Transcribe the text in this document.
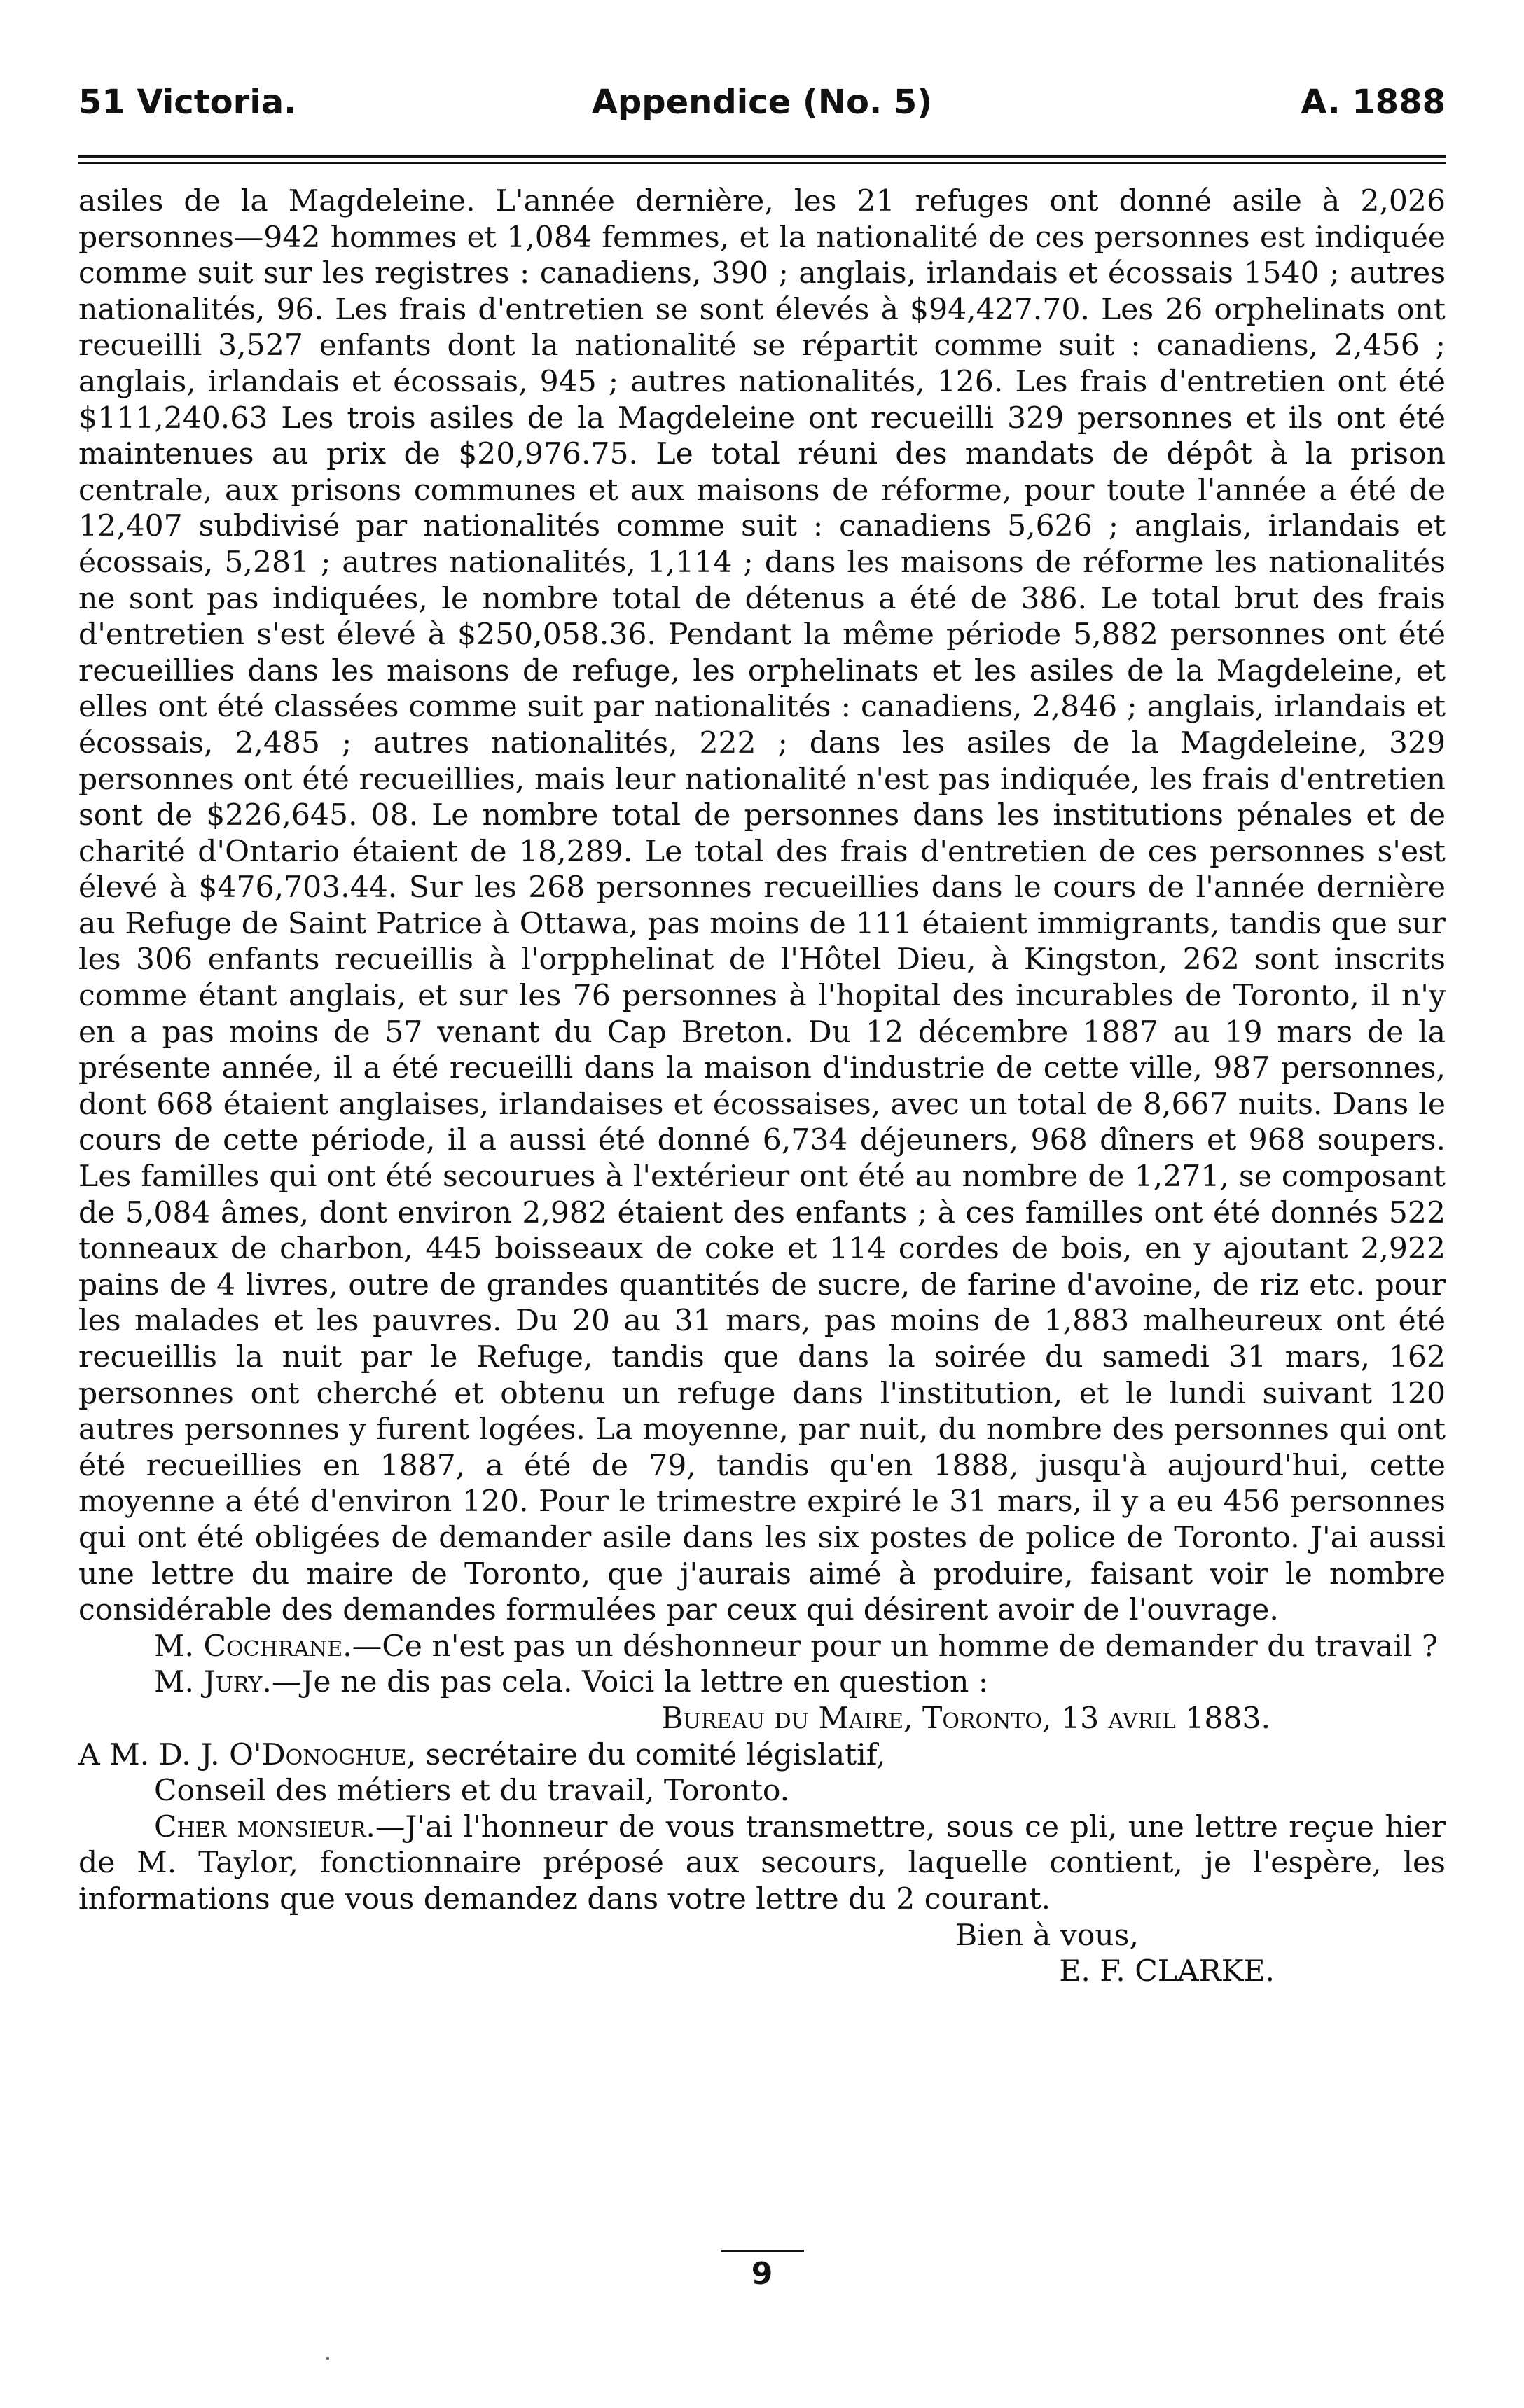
51 Victoria.	Appendice (No. 5)	A. 1888

asiles de la Magdeleine. L'année dernière, les 21 refuges ont donné asile à 2,026 personnes—942 hommes et 1,084 femmes, et la nationalité de ces personnes est indiquée comme suit sur les registres : canadiens, 390 ; anglais, irlandais et écossais 1540 ; autres nationalités, 96. Les frais d'entretien se sont élevés à $94,427.70. Les 26 orphelinats ont recueilli 3,527 enfants dont la nationalité se répartit comme suit : canadiens, 2,456 ; anglais, irlandais et écossais, 945 ; autres nationalités, 126. Les frais d'entretien ont été $111,240.63 Les trois asiles de la Magdeleine ont recueilli 329 personnes et ils ont été maintenues au prix de $20,976.75. Le total réuni des mandats de dépôt à la prison centrale, aux prisons communes et aux maisons de réforme, pour toute l'année a été de 12,407 subdivisé par nationalités comme suit : canadiens 5,626 ; anglais, irlandais et écossais, 5,281 ; autres nationalités, 1,114 ; dans les maisons de réforme les nationalités ne sont pas indiquées, le nombre total de détenus a été de 386. Le total brut des frais d'entretien s'est élevé à $250,058.36. Pendant la même période 5,882 personnes ont été recueillies dans les maisons de refuge, les orphelinats et les asiles de la Magdeleine, et elles ont été classées comme suit par nationalités : canadiens, 2,846 ; anglais, irlandais et écossais, 2,485 ; autres nationalités, 222 ; dans les asiles de la Magdeleine, 329 personnes ont été recueillies, mais leur nationalité n'est pas indiquée, les frais d'entretien sont de $226,645. 08. Le nombre total de personnes dans les institutions pénales et de charité d'Ontario étaient de 18,289. Le total des frais d'entretien de ces personnes s'est élevé à $476,703.44. Sur les 268 personnes recueillies dans le cours de l'année dernière au Refuge de Saint Patrice à Ottawa, pas moins de 111 étaient immigrants, tandis que sur les 306 enfants recueillis à l'orpphelinat de l'Hôtel Dieu, à Kingston, 262 sont inscrits comme étant anglais, et sur les 76 personnes à l'hopital des incurables de Toronto, il n'y en a pas moins de 57 venant du Cap Breton. Du 12 décembre 1887 au 19 mars de la présente année, il a été recueilli dans la maison d'industrie de cette ville, 987 personnes, dont 668 étaient anglaises, irlandaises et écossaises, avec un total de 8,667 nuits. Dans le cours de cette période, il a aussi été donné 6,734 déjeuners, 968 dîners et 968 soupers. Les familles qui ont été secourues à l'extérieur ont été au nombre de 1,271, se composant de 5,084 âmes, dont environ 2,982 étaient des enfants ; à ces familles ont été donnés 522 tonneaux de charbon, 445 boisseaux de coke et 114 cordes de bois, en y ajoutant 2,922 pains de 4 livres, outre de grandes quantités de sucre, de farine d'avoine, de riz etc. pour les malades et les pauvres. Du 20 au 31 mars, pas moins de 1,883 malheureux ont été recueillis la nuit par le Refuge, tandis que dans la soirée du samedi 31 mars, 162 personnes ont cherché et obtenu un refuge dans l'institution, et le lundi suivant 120 autres personnes y furent logées. La moyenne, par nuit, du nombre des personnes qui ont été recueillies en 1887, a été de 79, tandis qu'en 1888, jusqu'à aujourd'hui, cette moyenne a été d'environ 120. Pour le trimestre expiré le 31 mars, il y a eu 456 personnes qui ont été obligées de demander asile dans les six postes de police de Toronto. J'ai aussi une lettre du maire de Toronto, que j'aurais aimé à produire, faisant voir le nombre considérable des demandes formulées par ceux qui désirent avoir de l'ouvrage.

M. Cochrane.—Ce n'est pas un déshonneur pour un homme de demander du travail ?

M. Jury.—Je ne dis pas cela. Voici la lettre en question :

Bureau du Maire, Toronto, 13 avril 1883.

A M. D. J. O'Donoghue, secrétaire du comité législatif,

Conseil des métiers et du travail, Toronto.

Cher monsieur.—J'ai l'honneur de vous transmettre, sous ce pli, une lettre reçue hier de M. Taylor, fonctionnaire préposé aux secours, laquelle contient, je l'espère, les informations que vous demandez dans votre lettre du 2 courant.

Bien à vous,

E. F. CLARKE.

9
